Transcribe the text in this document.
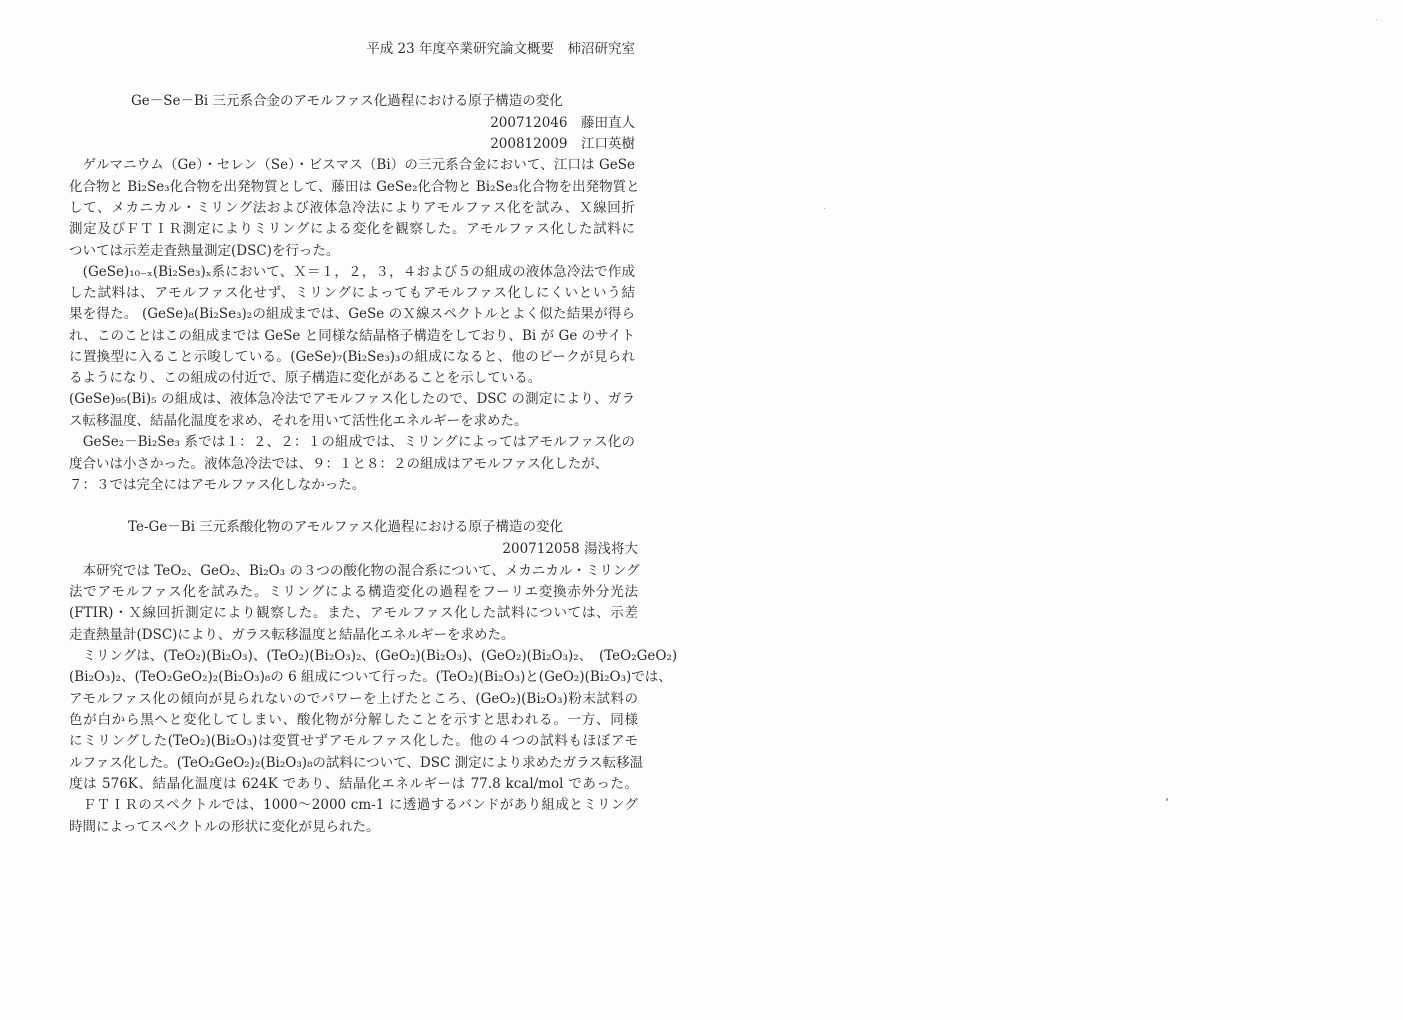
平成 23 年度卒業研究論文概要　柿沼研究室
Ge－Se－Bi 三元系合金のアモルファス化過程における原子構造の変化
200712046　藤田直人
200812009　江口英樹
　ゲルマニウム（Ge）・セレン（Se）・ビスマス（Bi）の三元系合金において、江口は GeSe
化合物と Bi₂Se₃化合物を出発物質として、藤田は GeSe₂化合物と Bi₂Se₃化合物を出発物質と
して、メカニカル・ミリング法および液体急冷法によりアモルファス化を試み、Ｘ線回折
測定及びＦＴＩＲ測定によりミリングによる変化を観察した。アモルファス化した試料に
ついては示差走査熱量測定(DSC)を行った。
　(GeSe)₁₀₋ₓ(Bi₂Se₃)ₓ系において、Ｘ＝１，２，３，４および５の組成の液体急冷法で作成
した試料は、アモルファス化せず、ミリングによってもアモルファス化しにくいという結
果を得た。 (GeSe)₈(Bi₂Se₃)₂の組成までは、GeSe のＸ線スペクトルとよく似た結果が得ら
れ、このことはこの組成までは GeSe と同様な結晶格子構造をしており、Bi が Ge のサイト
に置換型に入ること示唆している。(GeSe)₇(Bi₂Se₃)₃の組成になると、他のピークが見られ
るようになり、この組成の付近で、原子構造に変化があることを示している。
(GeSe)₉₅(Bi)₅ の組成は、液体急冷法でアモルファス化したので、DSC の測定により、ガラ
ス転移温度、結晶化温度を求め、それを用いて活性化エネルギーを求めた。
　GeSe₂－Bi₂Se₃ 系では１：２、２：１の組成では、ミリングによってはアモルファス化の
度合いは小さかった。液体急冷法では、９：１と８：２の組成はアモルファス化したが、
７：３では完全にはアモルファス化しなかった。
Te-Ge－Bi 三元系酸化物のアモルファス化過程における原子構造の変化
200712058 湯浅将大
　本研究では TeO₂、GeO₂、Bi₂O₃ の３つの酸化物の混合系について、メカニカル・ミリング
法でアモルファス化を試みた。ミリングによる構造変化の過程をフーリエ変換赤外分光法
(FTIR)・Ｘ線回折測定により観察した。また、アモルファス化した試料については、示差
走査熱量計(DSC)により、ガラス転移温度と結晶化エネルギーを求めた。
　ミリングは、(TeO₂)(Bi₂O₃)、(TeO₂)(Bi₂O₃)₂、(GeO₂)(Bi₂O₃)、(GeO₂)(Bi₂O₃)₂、　(TeO₂GeO₂)
(Bi₂O₃)₂、(TeO₂GeO₂)₂(Bi₂O₃)₈の 6 組成について行った。(TeO₂)(Bi₂O₃)と(GeO₂)(Bi₂O₃)では、
アモルファス化の傾向が見られないのでパワーを上げたところ、(GeO₂)(Bi₂O₃)粉末試料の
色が白から黒へと変化してしまい、酸化物が分解したことを示すと思われる。一方、同様
にミリングした(TeO₂)(Bi₂O₃)は変質せずアモルファス化した。他の４つの試料もほぼアモ
ルファス化した。(TeO₂GeO₂)₂(Bi₂O₃)₈の試料について、DSC 測定により求めたガラス転移温
度は 576K、結晶化温度は 624K であり、結晶化エネルギーは 77.8 kcal/mol であった。
　ＦＴＩＲのスペクトルでは、1000～2000 cm-1 に透過するバンドがあり組成とミリング
時間によってスペクトルの形状に変化が見られた。
